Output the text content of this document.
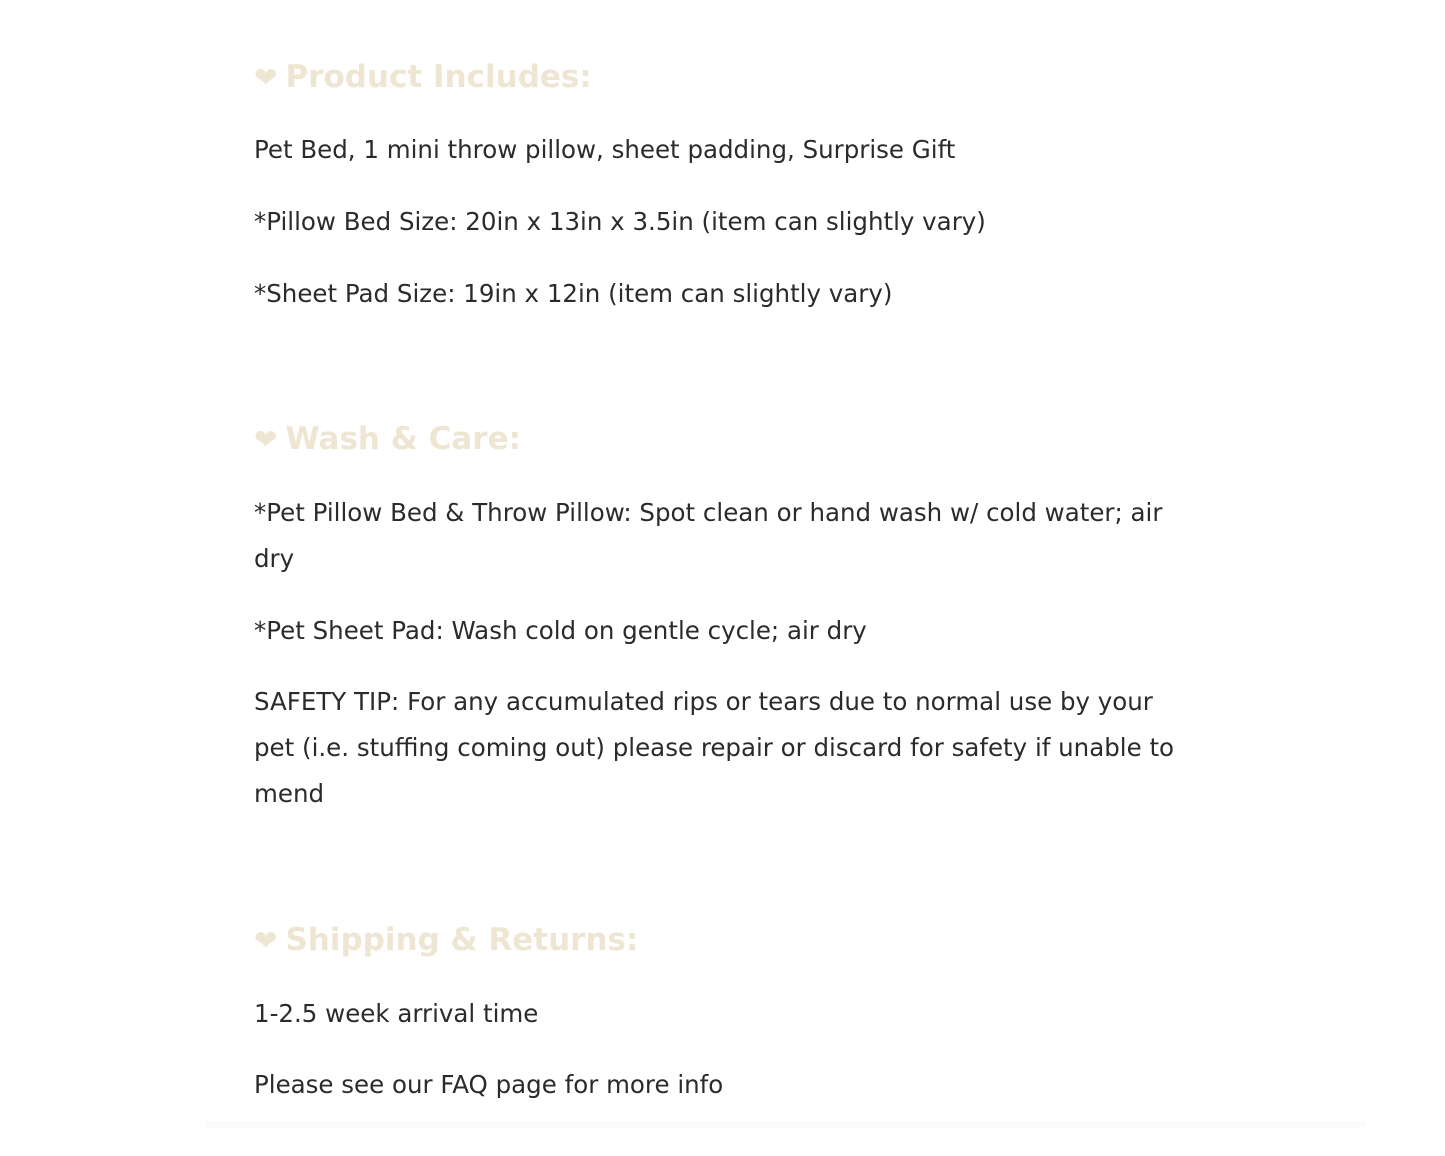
❤ Product Includes:

Pet Bed, 1 mini throw pillow, sheet padding, Surprise Gift

*Pillow Bed Size: 20in x 13in x 3.5in (item can slightly vary)

*Sheet Pad Size: 19in x 12in (item can slightly vary)

❤ Wash & Care:

*Pet Pillow Bed & Throw Pillow: Spot clean or hand wash w/ cold water; air dry

*Pet Sheet Pad: Wash cold on gentle cycle; air dry

SAFETY TIP: For any accumulated rips or tears due to normal use by your pet (i.e. stuffing coming out) please repair or discard for safety if unable to mend

❤ Shipping & Returns:

1-2.5 week arrival time

Please see our FAQ page for more info
